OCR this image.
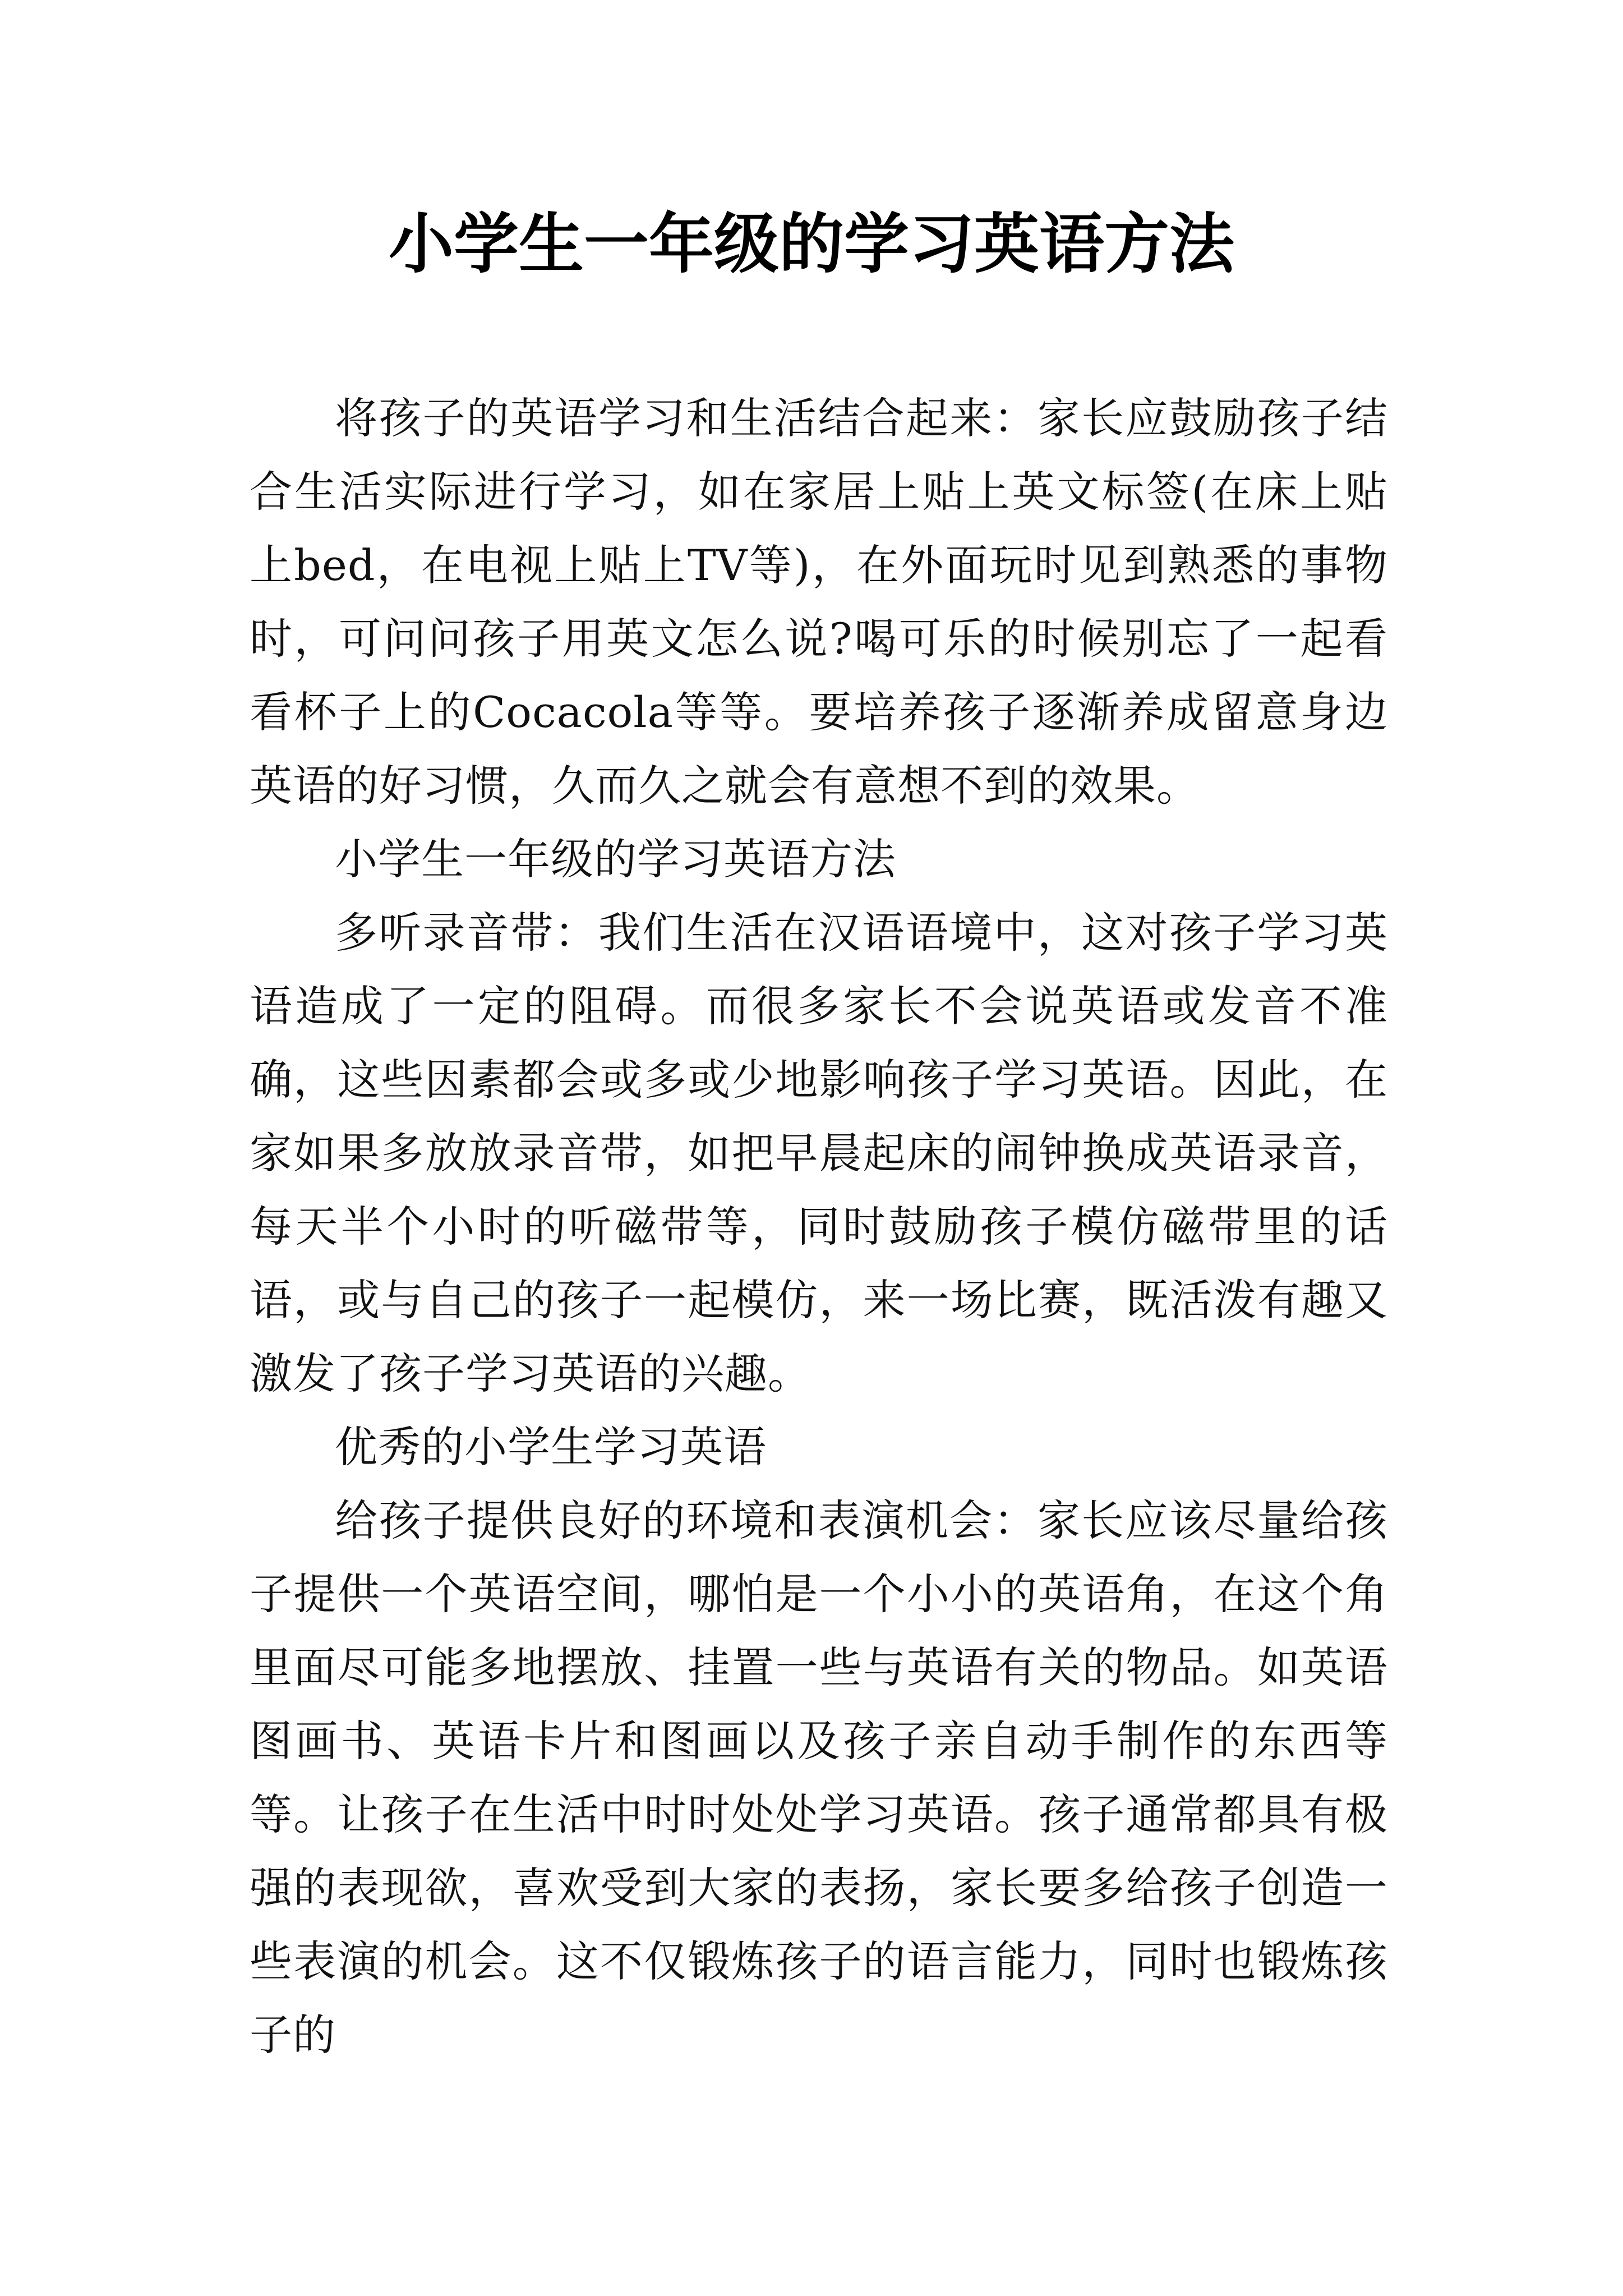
小学生一年级的学习英语方法

将孩子的英语学习和生活结合起来：家长应鼓励孩子结合生活实际进行学习，如在家居上贴上英文标签(在床上贴上bed，在电视上贴上TV等)，在外面玩时见到熟悉的事物时，可问问孩子用英文怎么说?喝可乐的时候别忘了一起看看杯子上的Cocacola等等。要培养孩子逐渐养成留意身边英语的好习惯，久而久之就会有意想不到的效果。

小学生一年级的学习英语方法

多听录音带：我们生活在汉语语境中，这对孩子学习英语造成了一定的阻碍。而很多家长不会说英语或发音不准确，这些因素都会或多或少地影响孩子学习英语。因此，在家如果多放放录音带，如把早晨起床的闹钟换成英语录音，每天半个小时的听磁带等，同时鼓励孩子模仿磁带里的话语，或与自己的孩子一起模仿，来一场比赛，既活泼有趣又激发了孩子学习英语的兴趣。

优秀的小学生学习英语

给孩子提供良好的环境和表演机会：家长应该尽量给孩子提供一个英语空间，哪怕是一个小小的英语角，在这个角里面尽可能多地摆放、挂置一些与英语有关的物品。如英语图画书、英语卡片和图画以及孩子亲自动手制作的东西等等。让孩子在生活中时时处处学习英语。孩子通常都具有极强的表现欲，喜欢受到大家的表扬，家长要多给孩子创造一些表演的机会。这不仅锻炼孩子的语言能力，同时也锻炼孩子的
